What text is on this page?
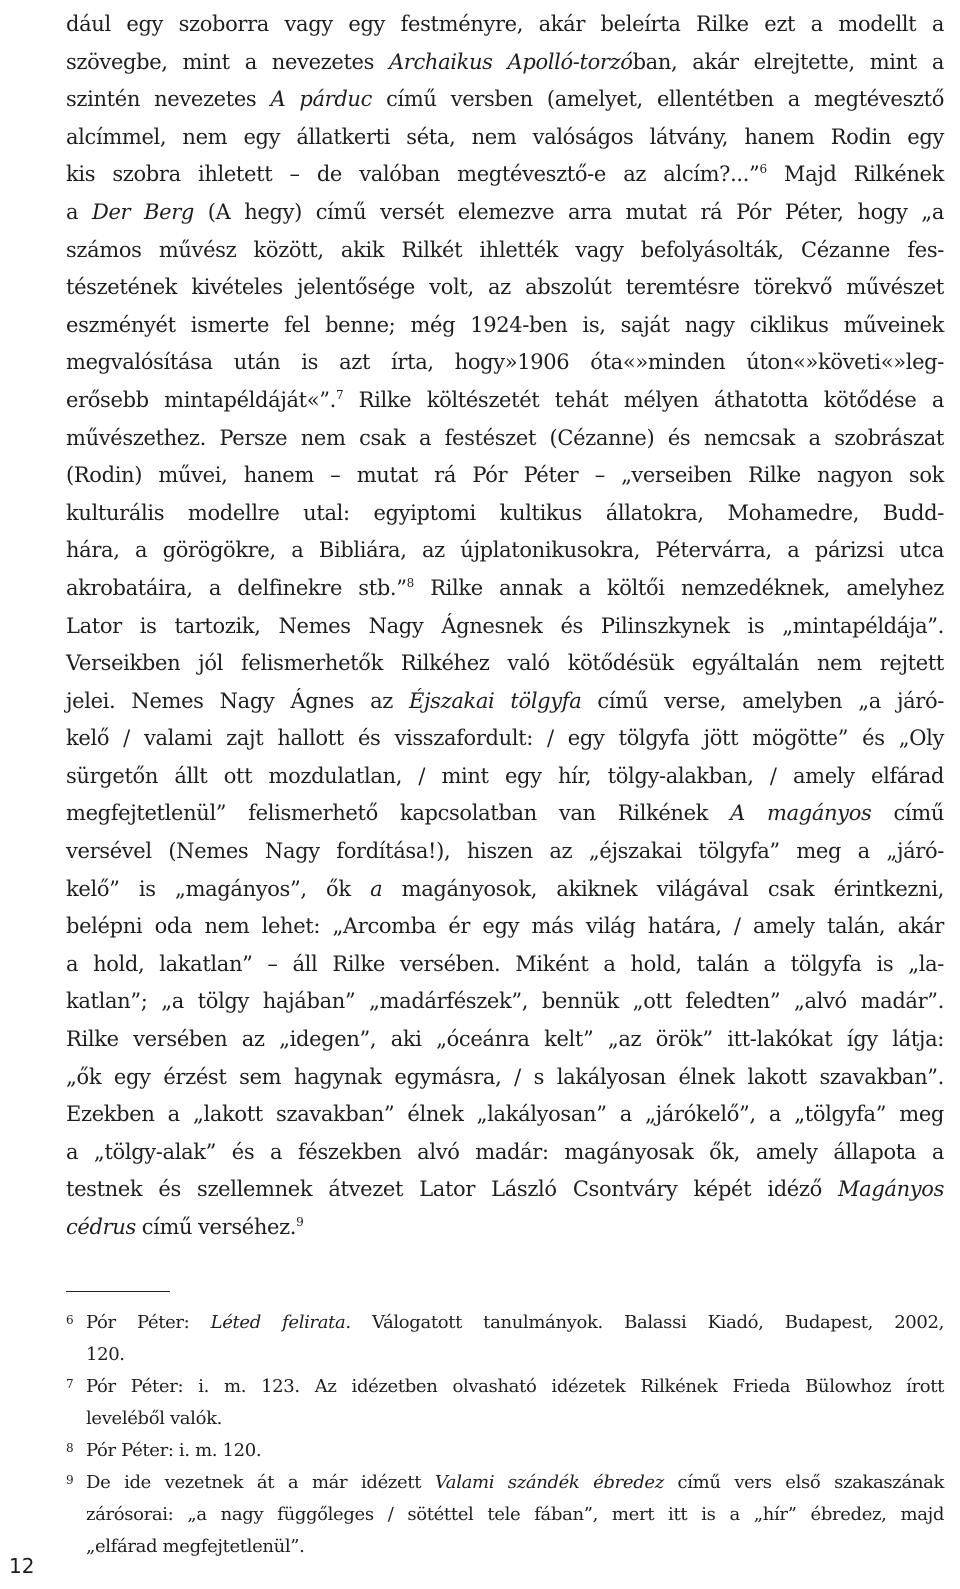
dául egy szoborra vagy egy festményre, akár beleírta Rilke ezt a modellt a
szövegbe, mint a nevezetes Archaikus Apolló-torzóban, akár elrejtette, mint a
szintén nevezetes A párduc című versben (amelyet, ellentétben a megtévesztő
alcímmel, nem egy állatkerti séta, nem valóságos látvány, hanem Rodin egy
kis szobra ihletett – de valóban megtévesztő-e az alcím?...”$^6$ Majd Rilkének
a Der Berg (A hegy) című versét elemezve arra mutat rá Pór Péter, hogy „a
számos művész között, akik Rilkét ihlették vagy befolyásolták, Cézanne fes-
tészetének kivételes jelentősége volt, az abszolút teremtésre törekvő művészet
eszményét ismerte fel benne; még 1924-ben is, saját nagy ciklikus műveinek
megvalósítása után is azt írta, hogy»1906 óta«»minden úton«»követi«»leg-
erősebb mintapéldáját«”.$^7$ Rilke költészetét tehát mélyen áthatotta kötődése a
művészethez. Persze nem csak a festészet (Cézanne) és nemcsak a szobrászat
(Rodin) művei, hanem – mutat rá Pór Péter – „verseiben Rilke nagyon sok
kulturális modellre utal: egyiptomi kultikus állatokra, Mohamedre, Budd-
hára, a görögökre, a Bibliára, az újplatonikusokra, Pétervárra, a párizsi utca
akrobatáira, a delfinekre stb.”$^8$ Rilke annak a költői nemzedéknek, amelyhez
Lator is tartozik, Nemes Nagy Ágnesnek és Pilinszkynek is „mintapéldája”.
Verseikben jól felismerhetők Rilkéhez való kötődésük egyáltalán nem rejtett
jelei. Nemes Nagy Ágnes az Éjszakai tölgyfa című verse, amelyben „a járó-
kelő / valami zajt hallott és visszafordult: / egy tölgyfa jött mögötte” és „Oly
sürgetőn állt ott mozdulatlan, / mint egy hír, tölgy-alakban, / amely elfárad
megfejtetlenül” felismerhető kapcsolatban van Rilkének A magányos című
versével (Nemes Nagy fordítása!), hiszen az „éjszakai tölgyfa” meg a „járó-
kelő” is „magányos”, ők a magányosok, akiknek világával csak érintkezni,
belépni oda nem lehet: „Arcomba ér egy más világ határa, / amely talán, akár
a hold, lakatlan” – áll Rilke versében. Miként a hold, talán a tölgyfa is „la-
katlan”; „a tölgy hajában” „madárfészek”, bennük „ott feledten” „alvó madár”.
Rilke versében az „idegen”, aki „óceánra kelt” „az örök” itt-lakókat így látja:
„ők egy érzést sem hagynak egymásra, / s lakályosan élnek lakott szavakban”.
Ezekben a „lakott szavakban” élnek „lakályosan” a „járókelő”, a „tölgyfa” meg
a „tölgy-alak” és a fészekben alvó madár: magányosak ők, amely állapota a
testnek és szellemnek átvezet Lator László Csontváry képét idéző Magányos
cédrus című verséhez.$^9$
6 Pór Péter: Léted felirata. Válogatott tanulmányok. Balassi Kiadó, Budapest, 2002,
120.
7 Pór Péter: i. m. 123. Az idézetben olvasható idézetek Rilkének Frieda Bülowhoz írott
leveléből valók.
8 Pór Péter: i. m. 120.
9 De ide vezetnek át a már idézett Valami szándék ébredez című vers első szakaszának
zárósorai: „a nagy függőleges / sötéttel tele fában”, mert itt is a „hír” ébredez, majd
„elfárad megfejtetlenül”.
12
